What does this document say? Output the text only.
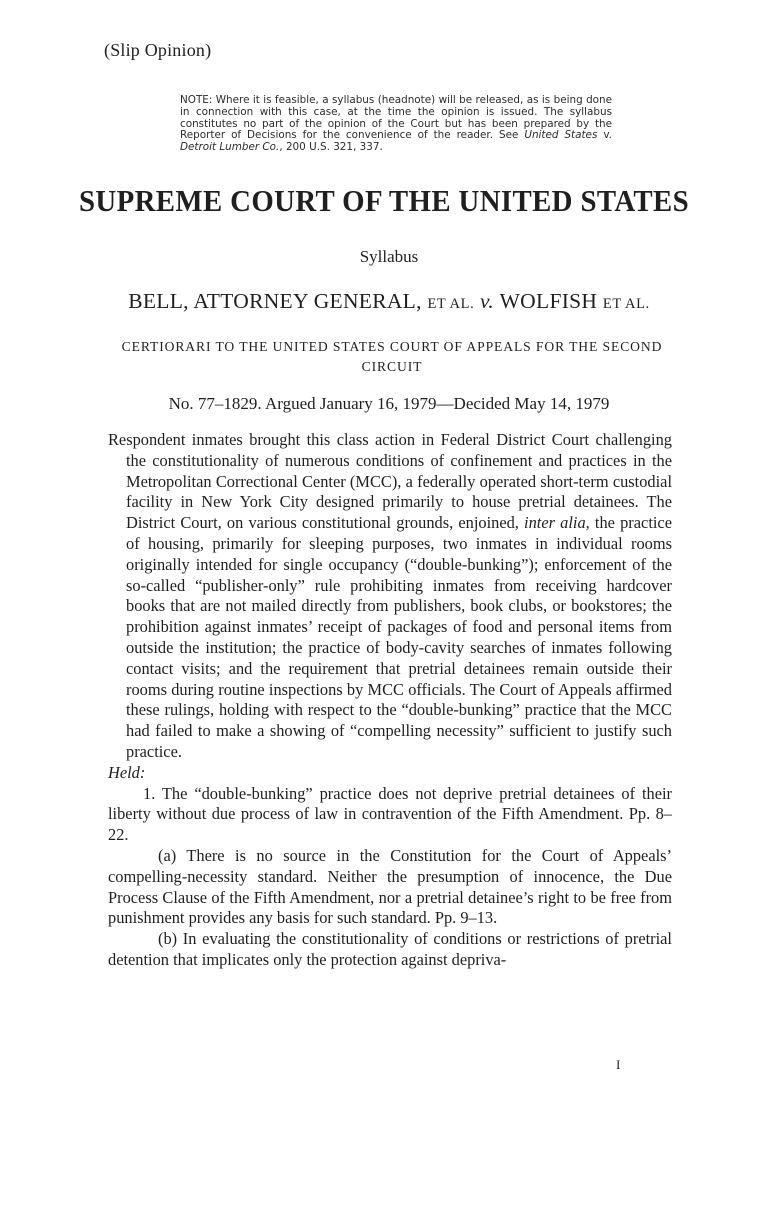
(Slip Opinion)
NOTE: Where it is feasible, a syllabus (headnote) will be released, as is being done in connection with this case, at the time the opinion is issued. The syllabus constitutes no part of the opinion of the Court but has been prepared by the Reporter of Decisions for the convenience of the reader. See United States v. Detroit Lumber Co., 200 U.S. 321, 337.
SUPREME COURT OF THE UNITED STATES
Syllabus
BELL, ATTORNEY GENERAL, ET AL. v. WOLFISH ET AL.
CERTIORARI TO THE UNITED STATES COURT OF APPEALS FOR THE SECOND CIRCUIT
No. 77–1829. Argued January 16, 1979—Decided May 14, 1979

Respondent inmates brought this class action in Federal District Court challenging the constitutionality of numerous conditions of confinement and practices in the Metropolitan Correctional Center (MCC), a federally operated short-term custodial facility in New York City designed primarily to house pretrial detainees. The District Court, on various constitutional grounds, enjoined, inter alia, the practice of housing, primarily for sleeping purposes, two inmates in individual rooms originally intended for single occupancy (“double-bunking”); enforcement of the so-called “publisher-only” rule prohibiting inmates from receiving hardcover books that are not mailed directly from publishers, book clubs, or bookstores; the prohibition against inmates’ receipt of packages of food and personal items from outside the institution; the practice of body-cavity searches of inmates following contact visits; and the requirement that pretrial detainees remain outside their rooms during routine inspections by MCC officials. The Court of Appeals affirmed these rulings, holding with respect to the “double-bunking” practice that the MCC had failed to make a showing of “compelling necessity” sufficient to justify such practice.

Held:

1. The “double-bunking” practice does not deprive pretrial detainees of their liberty without due process of law in contravention of the Fifth Amendment. Pp. 8–22.

(a) There is no source in the Constitution for the Court of Appeals’ compelling-necessity standard. Neither the presumption of innocence, the Due Process Clause of the Fifth Amendment, nor a pretrial detainee’s right to be free from punishment provides any basis for such standard. Pp. 9–13.

(b) In evaluating the constitutionality of conditions or restrictions of pretrial detention that implicates only the protection against depriva-

I
